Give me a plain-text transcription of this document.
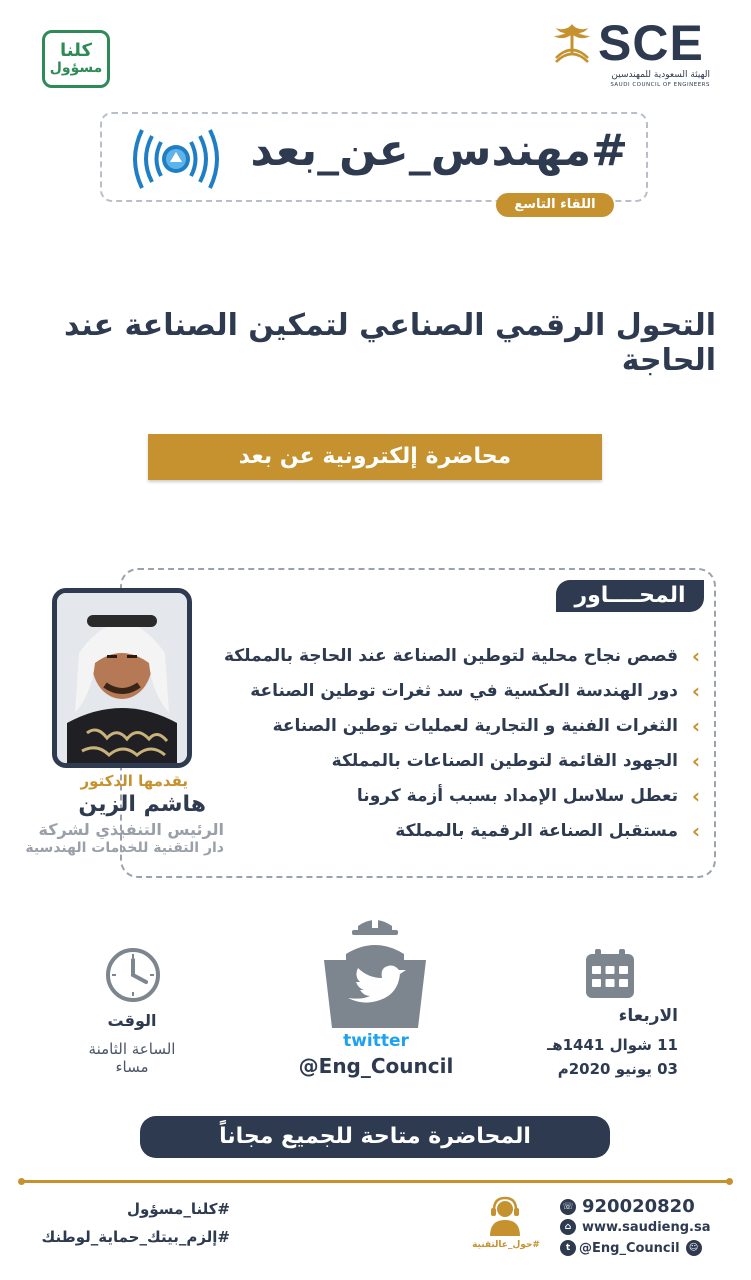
كلنا
مسؤول	SCE
الهيئة السعودية للمهندسين
SAUDI COUNCIL OF ENGINEERS
#مهندس_عن_بعد
اللقاء التاسع
التحول الرقمي الصناعي لتمكين الصناعة عند الحاجة
محاضرة إلكترونية عن بعد
المحــــاور
‹
قصص نجاح محلية لتوطين الصناعة عند الحاجة بالمملكة
‹
دور الهندسة العكسية في سد ثغرات توطين الصناعة
‹
الثغرات الفنية و التجارية لعمليات توطين الصناعة
‹
الجهود القائمة لتوطين الصناعات بالمملكة
‹
تعطل سلاسل الإمداد بسبب أزمة كرونا
‹
مستقبل الصناعة الرقمية بالمملكة
يقدمها الدكتور
هاشم الزين
الرئيس التنفيذي لشركة
دار التقنية للخدمات الهندسية
الوقت
الساعة الثامنة
مساء
twitter
@Eng_Council
الاربعاء
11 شوال 1441هـ
03 يونيو 2020م
المحاضرة متاحة للجميع مجاناً
#كلنا_مسؤول
#إلزم_بيتك_حماية_لوطنك	#حول_عالتقنية
☏ 920020820
⌂ www.saudieng.sa
t @Eng_Council	☺
